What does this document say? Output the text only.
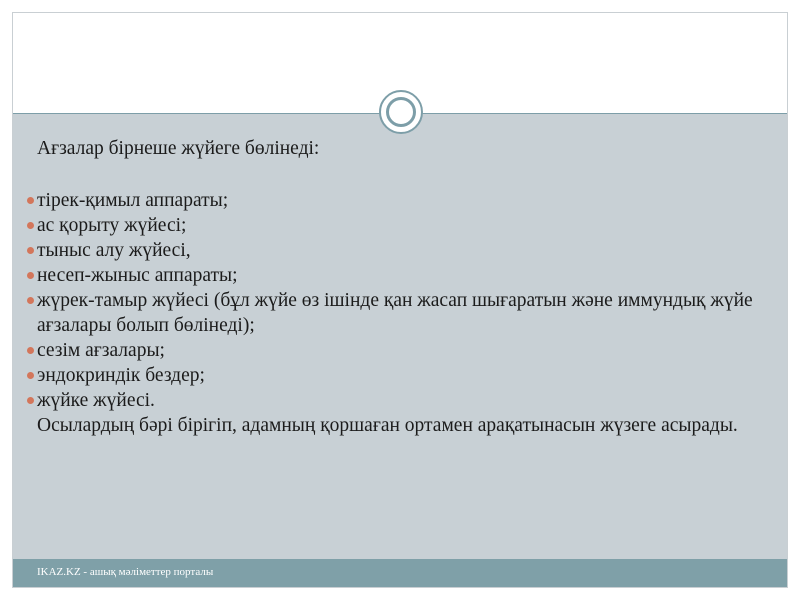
Ағзалар бірнеше жүйеге бөлінеді:
тірек-қимыл аппараты;
ас қорыту жүйесі;
тыныс алу жүйесі,
несеп-жыныс аппараты;
жүрек-тамыр жүйесі (бұл жүйе өз ішінде қан жасап шығаратын және иммундық жүйе ағзалары болып бөлінеді);
сезім ағзалары;
эндокриндік бездер;
жүйке жүйесі.
Осылардың бәрі бірігіп, адамның қоршаған ортамен арақатынасын жүзеге асырады.
IKAZ.KZ - ашық мәліметтер порталы
